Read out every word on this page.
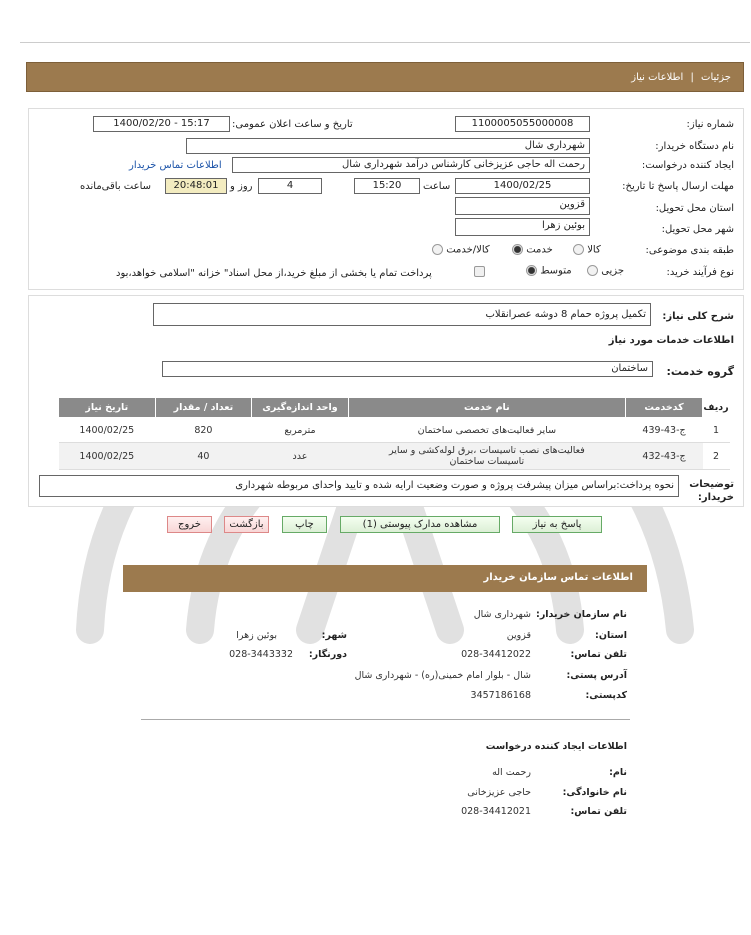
جزئیات | اطلاعات نیاز
شماره نیاز:
1100005055000008
تاریخ و ساعت اعلان عمومی:
1400/02/20 - 15:17
نام دستگاه خریدار:
شهرداری شال
ایجاد کننده درخواست:
رحمت اله حاجی عزیزخانی کارشناس درآمد شهرداری شال
اطلاعات تماس خریدار
مهلت ارسال پاسخ تا تاریخ:
1400/02/25
ساعت
15:20
4
روز و
20:48:01
ساعت باقی‌مانده
استان محل تحویل:
قزوین
شهر محل تحویل:
بوئین زهرا
طبقه بندی موضوعی:
کالا
خدمت
کالا/خدمت
نوع فرآیند خرید:
جزیی
متوسط
پرداخت تمام یا بخشی از مبلغ خرید،از محل اسناد" خزانه "اسلامی خواهد،بود
شرح کلی نیاز:
تکمیل پروژه حمام 8 دوشه عصرانقلاب
اطلاعات خدمات مورد نیاز
گروه خدمت:
ساختمان
ردیف	کدخدمت	نام خدمت	واحد اندازه‌گیری	تعداد / مقدار	تاریخ نیاز
1	ج-43-439	سایر فعالیت‌های تخصصی ساختمان	مترمربع	820	1400/02/25
2	ج-43-432	فعالیت‌های نصب تاسیسات ،برق لوله‌کشی و سایر تاسیسات ساختمان	عدد	40	1400/02/25
توضیحات خریدار:
نحوه پرداخت:براساس میزان پیشرفت پروژه و صورت وضعیت ارایه شده و تایید واحدای مربوطه شهرداری
پاسخ به نیاز
مشاهده مدارک پیوستی (1)
چاپ
بازگشت
خروج
اطلاعات تماس سازمان خریدار
نام سازمان خریدار:
شهرداری شال
استان:
قزوین
شهر:
بوئین زهرا
تلفن تماس:
028-34412022
دورنگار:
028-3443332
آدرس پستی:
شال - بلوار امام خمینی(ره) - شهرداری شال
کدپستی:
3457186168
اطلاعات ایجاد کننده درخواست
نام:
رحمت اله
نام خانوادگی:
حاجی عزیزخانی
تلفن تماس:
028-34412021
